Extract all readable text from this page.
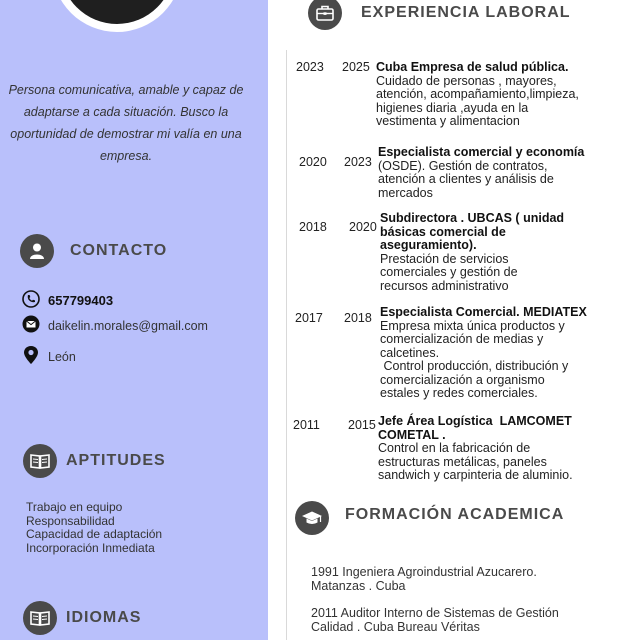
Persona comunicativa, amable y capaz de adaptarse a cada situación. Busco la oportunidad de demostrar mi valía en una empresa.
CONTACTO
657799403
daikelin.morales@gmail.com
León
APTITUDES
Trabajo en equipo
Responsabilidad
Capacidad de adaptación
Incorporación Inmediata
IDIOMAS
EXPERIENCIA LABORAL
2023 2025 Cuba Empresa de salud pública.
Cuidado de personas , mayores,
atención, acompañamiento,limpieza,
higienes diaria ,ayuda en la
vestimenta y alimentacion
2020 2023
Especialista comercial y economía
(OSDE). Gestión de contratos,
atención a clientes y análisis de
mercados
2018 2020
Subdirectora . UBCAS ( unidad básicas comercial de aseguramiento).
Prestación de servicios
comerciales y gestión de
recursos administrativo
2017 2018 Especialista Comercial. MEDIATEX
Empresa mixta única productos y
comercialización de medias y
calcetines.
Control producción, distribución y
comercialización a organismo
estales y redes comerciales.
2011 2015 Jefe Área Logística  LAMCOMET COMETAL .
Control en la fabricación de
estructuras metálicas, paneles
sandwich y carpinteria de aluminio.
FORMACIÓN ACADEMICA
1991 Ingeniera Agroindustrial Azucarero.
Matanzas . Cuba
2011 Auditor Interno de Sistemas de Gestión
Calidad . Cuba Bureau Véritas
